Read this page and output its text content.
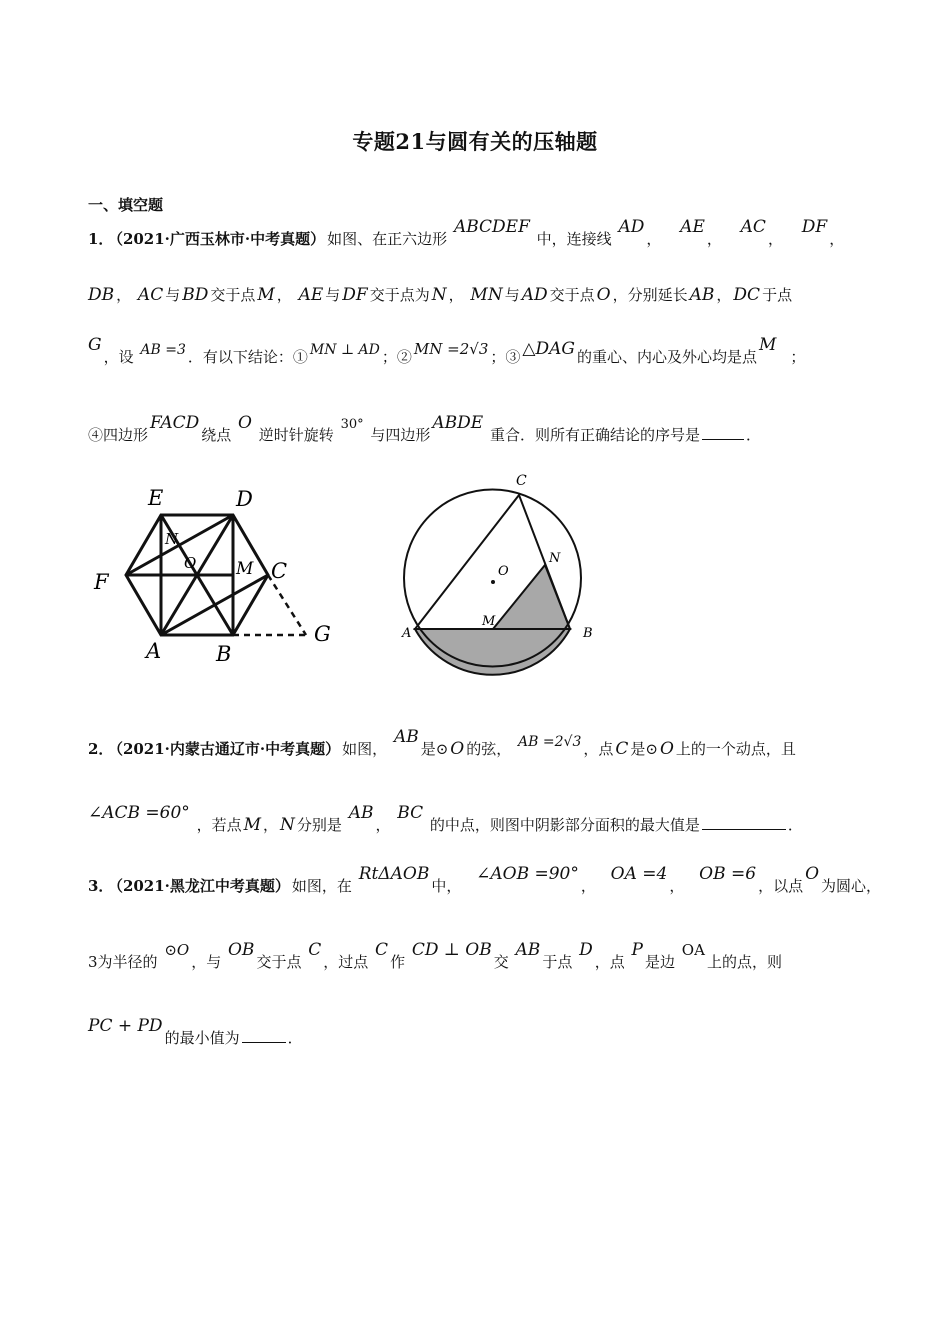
专题21与圆有关的压轴题
一、填空题
1． （2021·广西玉林市·中考真题） 如图、在正六边形 ABCDEF 中，连接线 AD， AE， AC， DF，
DB ， AC 与 BD 交于点 M ， AE 与 DF 交于点为 N ， MN 与 AD 交于点 O ，分别延长 AB ， DC 于点
G，设 AB =3 ．有以下结论：① MN ⊥ AD ；② MN =2√3 ；③ △DAG 的重心、内心及外心均是点M；
④四边形FACD绕点 O 逆时针旋转 30° 与四边形ABDE 重合．则所有正确结论的序号是	．
E	D
N
O M C
F
G
A	B
C
N
O
M
A	B
2． （2021·内蒙古通辽市·中考真题） 如图， AB是⊙ O 的弦， AB =2√3 ，点 C 是⊙ O 上的一个动点，且
∠ACB =60° ，若点 M ， N 分别是 AB， BC 的中点，则图中阴影部分面积的最大值是	．
3． （2021·黑龙江中考真题） 如图，在 RtΔAOB中， ∠AOB =90°， OA =4， OB =6，以点O为圆心，
3为半径的 ⊙O，与 OB交于点 C，过点 C作 CD ⊥ OB交 AB于点 D，点 P是边 OA上的点，则
PC + PD的最小值为	．
